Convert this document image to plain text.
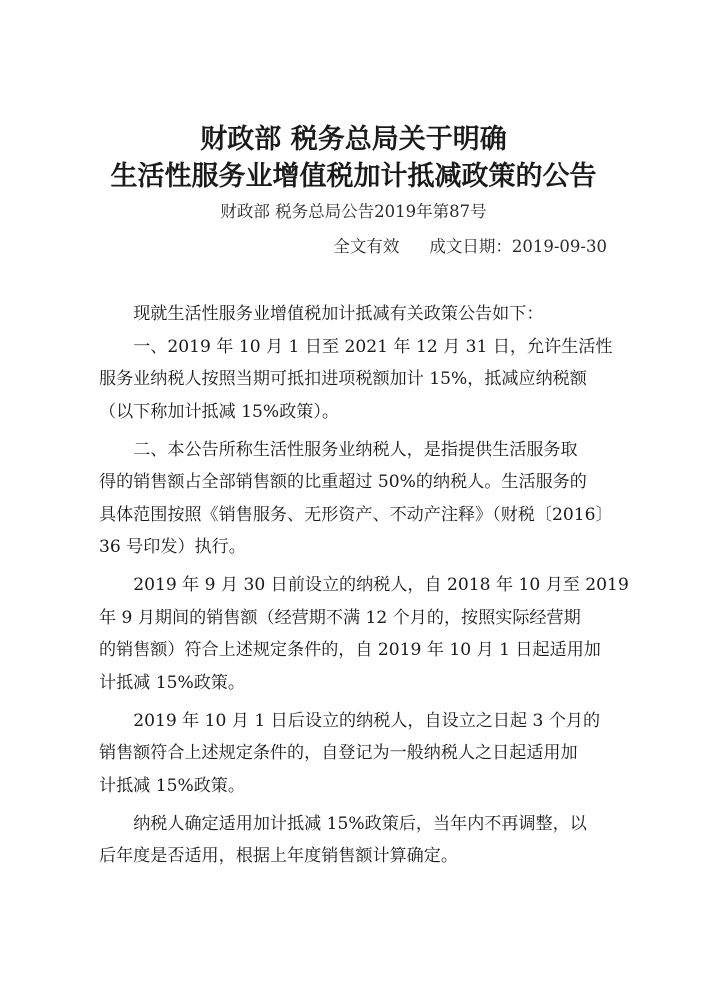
财政部 税务总局关于明确
生活性服务业增值税加计抵减政策的公告

财政部 税务总局公告2019年第87号

全文有效 成文日期：2019-09-30

现就生活性服务业增值税加计抵减有关政策公告如下：

一、2019 年 10 月 1 日至 2021 年 12 月 31 日，允许生活性

服务业纳税人按照当期可抵扣进项税额加计 15%，抵减应纳税额

（以下称加计抵减 15%政策）。

二、本公告所称生活性服务业纳税人，是指提供生活服务取

得的销售额占全部销售额的比重超过 50%的纳税人。生活服务的

具体范围按照《销售服务、无形资产、不动产注释》（财税〔2016〕

36 号印发）执行。

2019 年 9 月 30 日前设立的纳税人，自 2018 年 10 月至 2019

年 9 月期间的销售额（经营期不满 12 个月的，按照实际经营期

的销售额）符合上述规定条件的，自 2019 年 10 月 1 日起适用加

计抵减 15%政策。

2019 年 10 月 1 日后设立的纳税人，自设立之日起 3 个月的

销售额符合上述规定条件的，自登记为一般纳税人之日起适用加

计抵减 15%政策。

纳税人确定适用加计抵减 15%政策后，当年内不再调整，以

后年度是否适用，根据上年度销售额计算确定。
